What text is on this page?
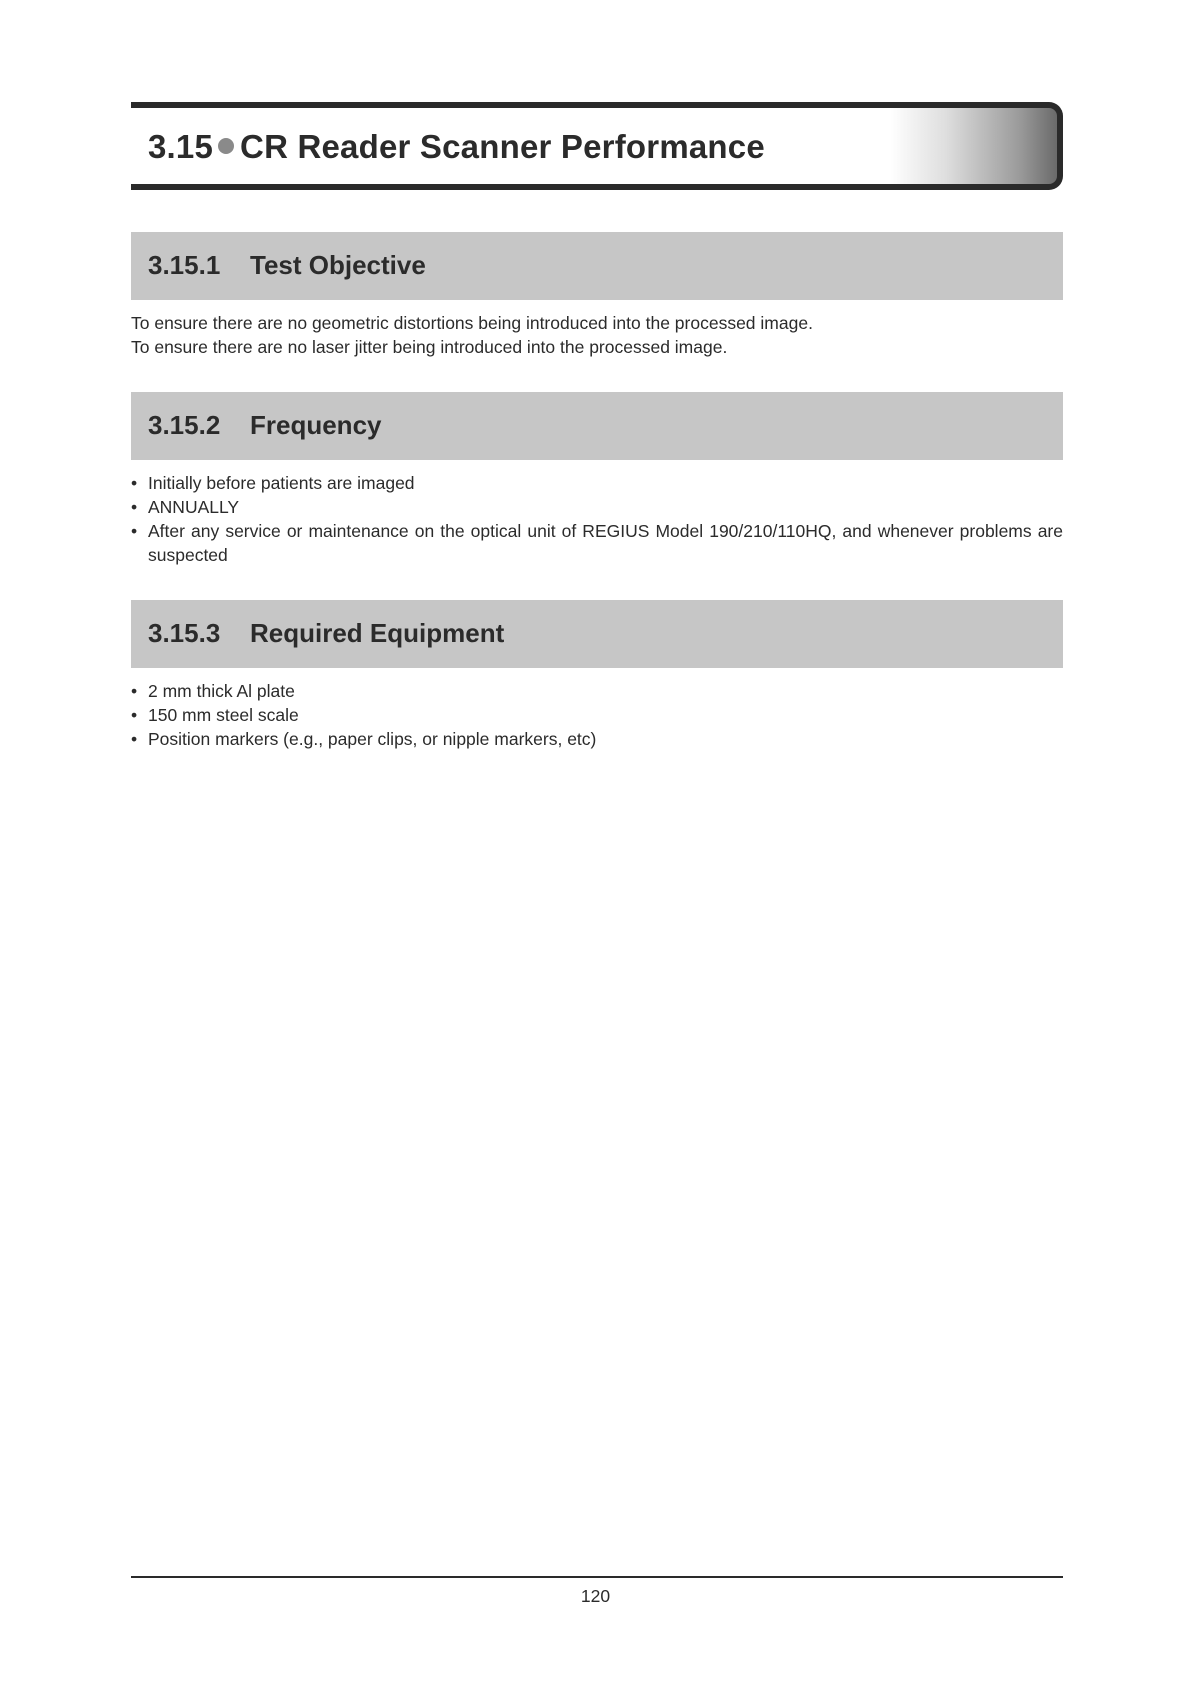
3.15 CR Reader Scanner Performance
3.15.1 Test Objective
To ensure there are no geometric distortions being introduced into the processed image.
To ensure there are no laser jitter being introduced into the processed image.
3.15.2 Frequency
• Initially before patients are imaged
• ANNUALLY
• After any service or maintenance on the optical unit of REGIUS Model 190/210/110HQ, and whenever problems are suspected
3.15.3 Required Equipment
• 2 mm thick Al plate
• 150 mm steel scale
• Position markers (e.g., paper clips, or nipple markers, etc)
120
